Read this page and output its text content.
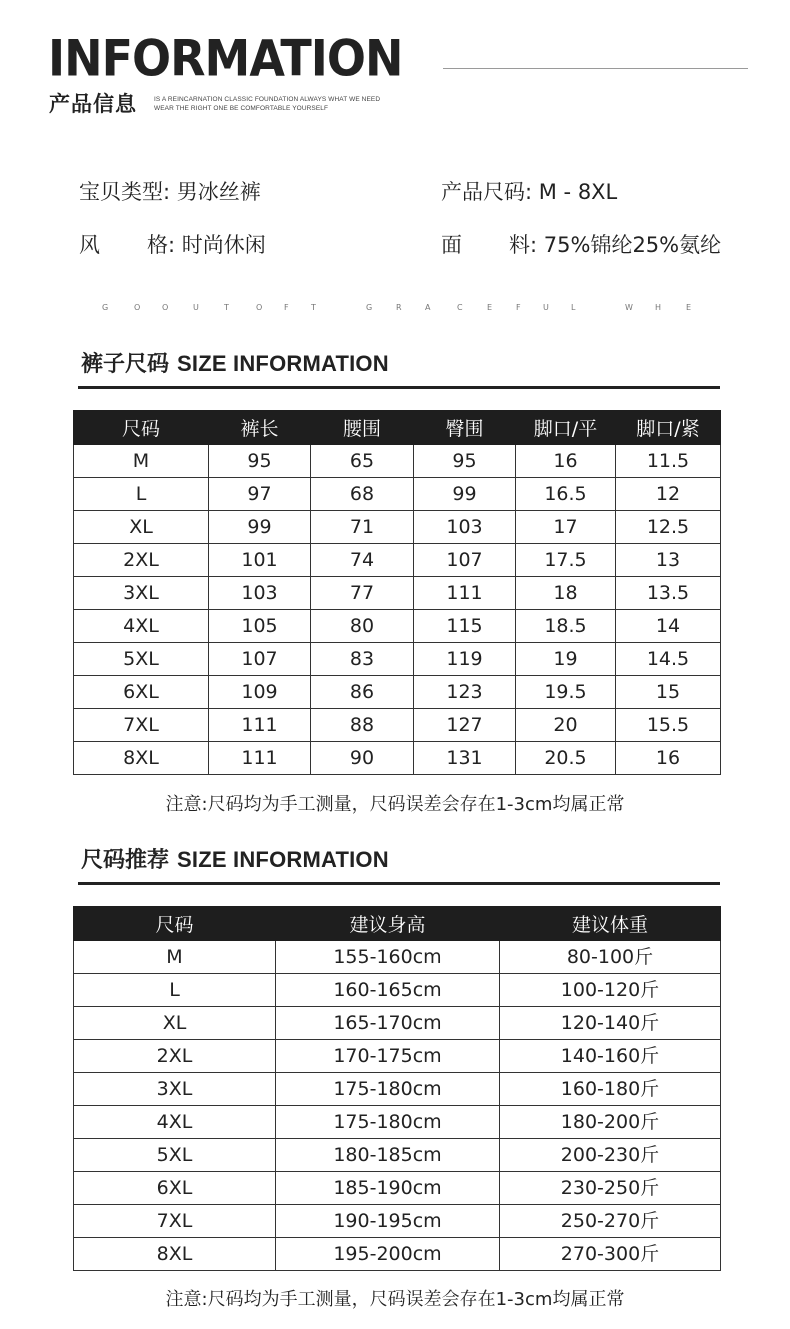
INFORMATION
产品信息	IS A REINCARNATION CLASSIC FOUNDATION ALWAYS WHAT WE NEED
WEAR THE RIGHT ONE BE COMFORTABLE YOURSELF
宝贝类型: 男冰丝裤	产品尺码: M - 8XL
风 格: 时尚休闲	面 料: 75%锦纶25%氨纶
G	O	O	U	T	O	F	T	G	R	A	C	E	F	U	L	W	H	E
裤子尺码 SIZE INFORMATION
尺码	裤长	腰围	臀围	脚口/平	脚口/紧
M	95	65	95	16	11.5
L	97	68	99	16.5	12
XL	99	71	103	17	12.5
2XL	101	74	107	17.5	13
3XL	103	77	111	18	13.5
4XL	105	80	115	18.5	14
5XL	107	83	119	19	14.5
6XL	109	86	123	19.5	15
7XL	111	88	127	20	15.5
8XL	111	90	131	20.5	16
注意:尺码均为手工测量，尺码误差会存在1-3cm均属正常
尺码推荐 SIZE INFORMATION
尺码	建议身高	建议体重
M	155-160cm	80-100斤
L	160-165cm	100-120斤
XL	165-170cm	120-140斤
2XL	170-175cm	140-160斤
3XL	175-180cm	160-180斤
4XL	175-180cm	180-200斤
5XL	180-185cm	200-230斤
6XL	185-190cm	230-250斤
7XL	190-195cm	250-270斤
8XL	195-200cm	270-300斤
注意:尺码均为手工测量，尺码误差会存在1-3cm均属正常
